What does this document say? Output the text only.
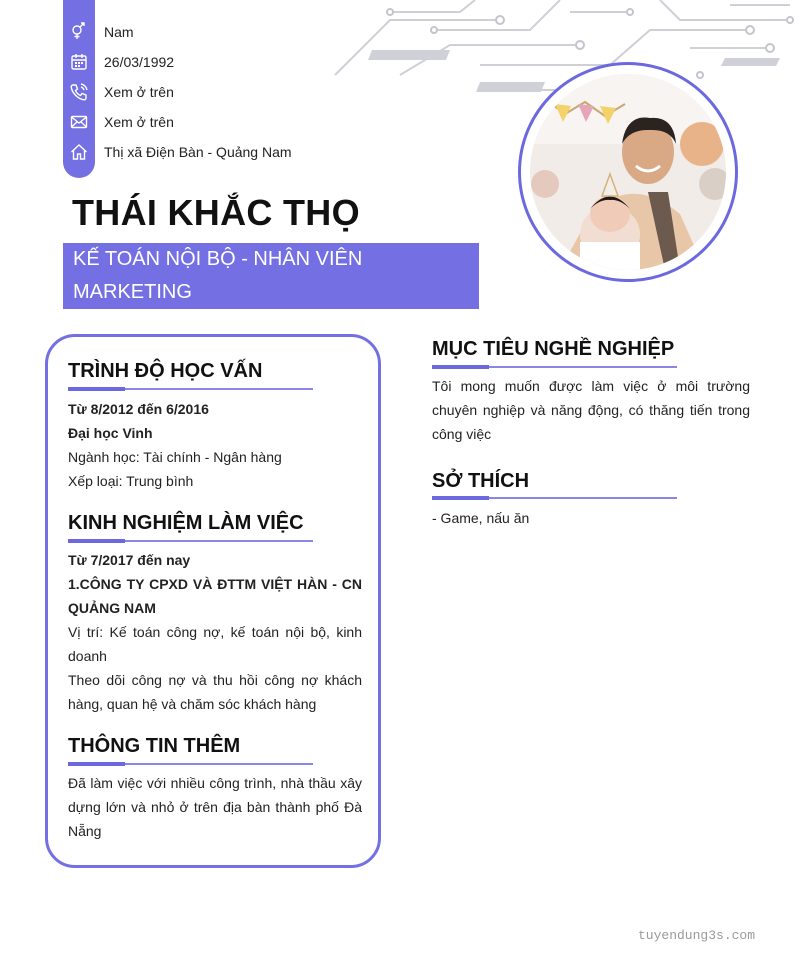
Nam
26/03/1992
Xem ở trên
Xem ở trên
Thị xã Điện Bàn - Quảng Nam
THÁI KHẮC THỌ
KẾ TOÁN NỘI BỘ - NHÂN VIÊN MARKETING
TRÌNH ĐỘ HỌC VẤN
Từ 8/2012 đến 6/2016
Đại học Vinh
Ngành học: Tài chính - Ngân hàng
Xếp loại: Trung bình
KINH NGHIỆM LÀM VIỆC
Từ 7/2017 đến nay
1.CÔNG TY CPXD VÀ ĐTTM VIỆT HÀN - CN QUẢNG NAM
Vị trí: Kế toán công nợ, kế toán nội bộ, kinh doanh
Theo dõi công nợ và thu hồi công nợ khách hàng, quan hệ và chăm sóc khách hàng
THÔNG TIN THÊM
Đã làm việc với nhiều công trình, nhà thầu xây dựng lớn và nhỏ ở trên địa bàn thành phố Đà Nẵng
MỤC TIÊU NGHỀ NGHIỆP
Tôi mong muốn được làm việc ở môi trường chuyên nghiệp và năng động, có thăng tiến trong công việc
SỞ THÍCH
- Game, nấu ăn
tuyendung3s.com
